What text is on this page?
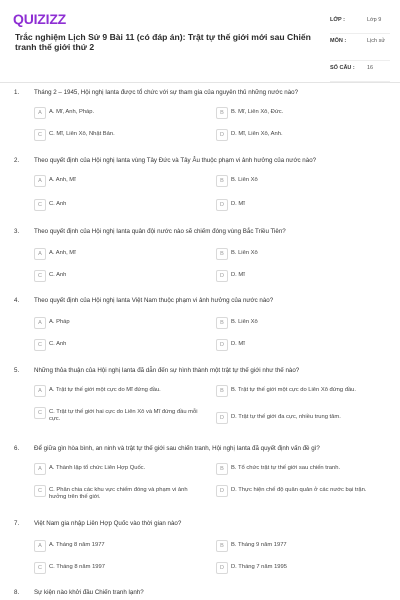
QUIZIZZ
Trắc nghiệm Lịch Sử 9 Bài 11 (có đáp án): Trật tự thế giới mới sau Chiến tranh thế giới thứ 2
LỚP :	Lớp 9
MÔN :	Lịch sử
SỐ CÂU : 16
1. Tháng 2 – 1945, Hội nghị Ianta được tổ chức với sự tham gia của nguyên thủ những nước nào?
A	A. Mĩ, Anh, Pháp.	B	B. Mĩ, Liên Xô, Đức.
C	C. Mĩ, Liên Xô, Nhật Bản.	D	D. Mĩ, Liên Xô, Anh.
2. Theo quyết định của Hội nghị Ianta vùng Tây Đức và Tây Âu thuộc phạm vi ảnh hưởng của nước nào?
A	A. Anh, Mĩ	B	B. Liên Xô
C	C. Anh	D	D. Mĩ
3. Theo quyết định của Hội nghị Ianta quân đội nước nào sẽ chiếm đóng vùng Bắc Triều Tiên?
A	A. Anh, Mĩ	B	B. Liên Xô
C	C. Anh	D	D. Mĩ
4. Theo quyết định của Hội nghị Ianta Việt Nam thuộc phạm vi ảnh hưởng của nước nào?
A	A. Pháp	B	B. Liên Xô
C	C. Anh	D	D. Mĩ
5. Những thỏa thuận của Hội nghị Ianta đã dẫn đến sự hình thành một trật tự thế giới như thế nào?
A	A. Trật tự thế giới một cực do Mĩ đứng đầu.	B	B. Trật tự thế giới một cực do Liên Xô đứng đầu.
C	C. Trật tự thế giới hai cực do Liên Xô và Mĩ đứng đầu mỗi cực.	D	D. Trật tự thế giới đa cực, nhiều trung tâm.
6. Để giữa gìn hòa bình, an ninh và trật tự thế giới sau chiến tranh, Hội nghị Ianta đã quyết định vấn đề gì?
A	A. Thành lập tổ chức Liên Hợp Quốc.	B	B. Tổ chức trật tự thế giới sau chiến tranh.
C	C. Phân chia các khu vực chiếm đóng và phạm vi ảnh hưởng trên thế giới.
D	D. Thực hiện chế độ quân quản ở các nước bại trận.
7. Việt Nam gia nhập Liên Hợp Quốc vào thời gian nào?
A	A. Tháng 8 năm 1977	B	B. Tháng 9 năm 1977
C	C. Tháng 8 năm 1997	D	D. Tháng 7 năm 1995
8. Sự kiện nào khởi đầu Chiến tranh lạnh?
